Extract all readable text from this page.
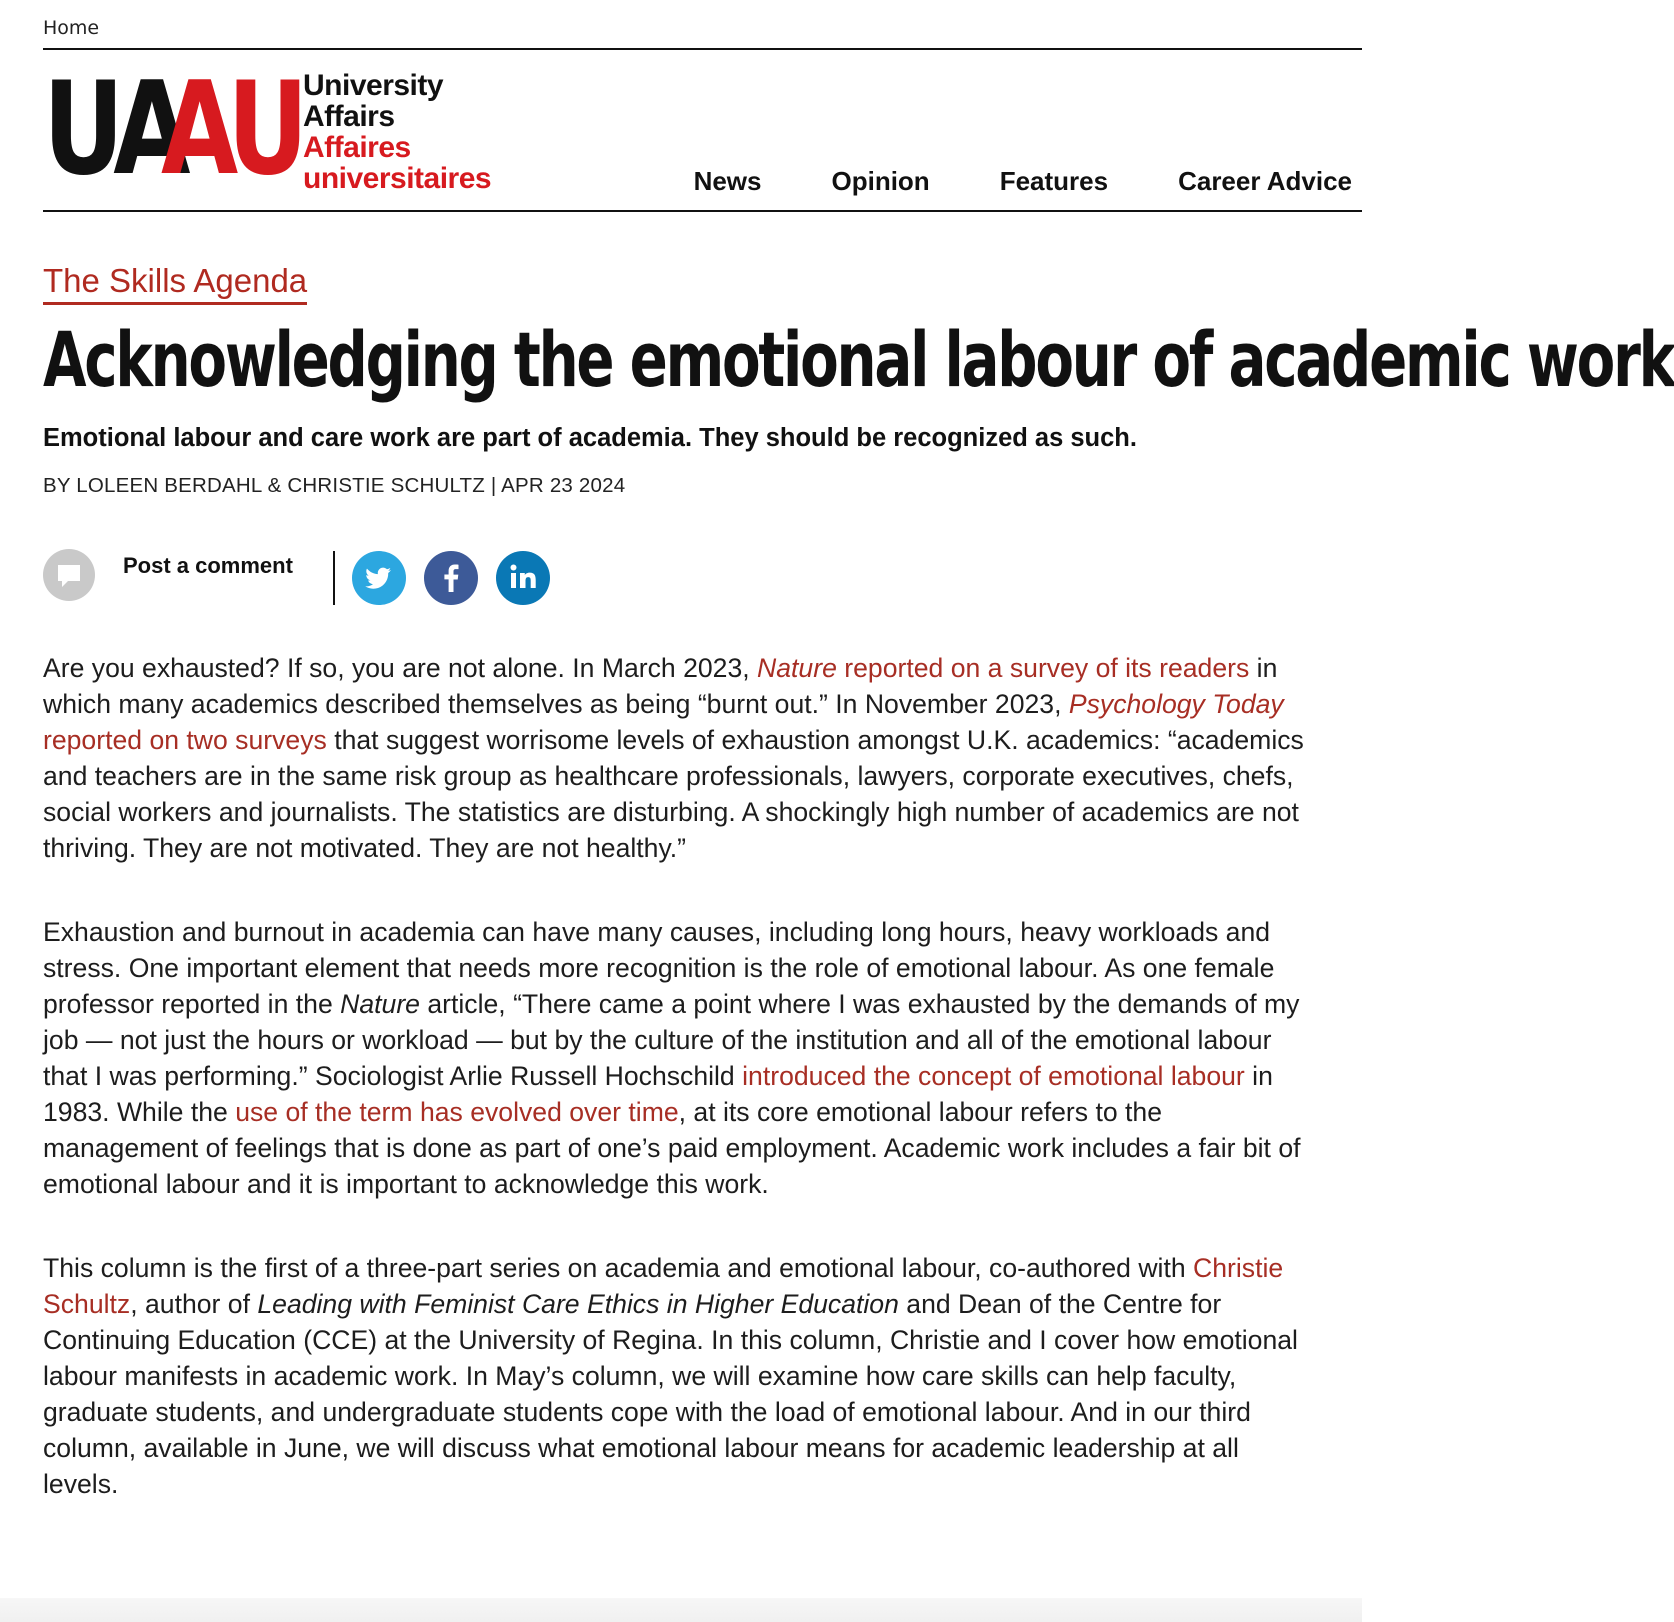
Home
UA
AU University
Affairs
Affaires
universitaires	News	Opinion	Features	Career Advice
The Skills Agenda
Acknowledging the emotional labour of academic work

Emotional labour and care work are part of academia. They should be recognized as such.

BY LOLEEN BERDAHL & CHRISTIE SCHULTZ | APR 23 2024
Post a comment

Are you exhausted? If so, you are not alone. In March 2023, Nature reported on a survey of its readers in which many academics described themselves as being “burnt out.” In November 2023, Psychology Today reported on two surveys that suggest worrisome levels of exhaustion amongst U.K. academics: “academics and teachers are in the same risk group as healthcare professionals, lawyers, corporate executives, chefs, social workers and journalists. The statistics are disturbing. A shockingly high number of academics are not thriving. They are not motivated. They are not healthy.”

Exhaustion and burnout in academia can have many causes, including long hours, heavy workloads and stress. One important element that needs more recognition is the role of emotional labour. As one female professor reported in the Nature article, “There came a point where I was exhausted by the demands of my job — not just the hours or workload — but by the culture of the institution and all of the emotional labour that I was performing.” Sociologist Arlie Russell Hochschild introduced the concept of emotional labour in 1983. While the use of the term has evolved over time, at its core emotional labour refers to the management of feelings that is done as part of one’s paid employment. Academic work includes a fair bit of emotional labour and it is important to acknowledge this work.

This column is the first of a three-part series on academia and emotional labour, co-authored with Christie Schultz, author of Leading with Feminist Care Ethics in Higher Education and Dean of the Centre for Continuing Education (CCE) at the University of Regina. In this column, Christie and I cover how emotional labour manifests in academic work. In May’s column, we will examine how care skills can help faculty, graduate students, and undergraduate students cope with the load of emotional labour. And in our third column, available in June, we will discuss what emotional labour means for academic leadership at all levels.
